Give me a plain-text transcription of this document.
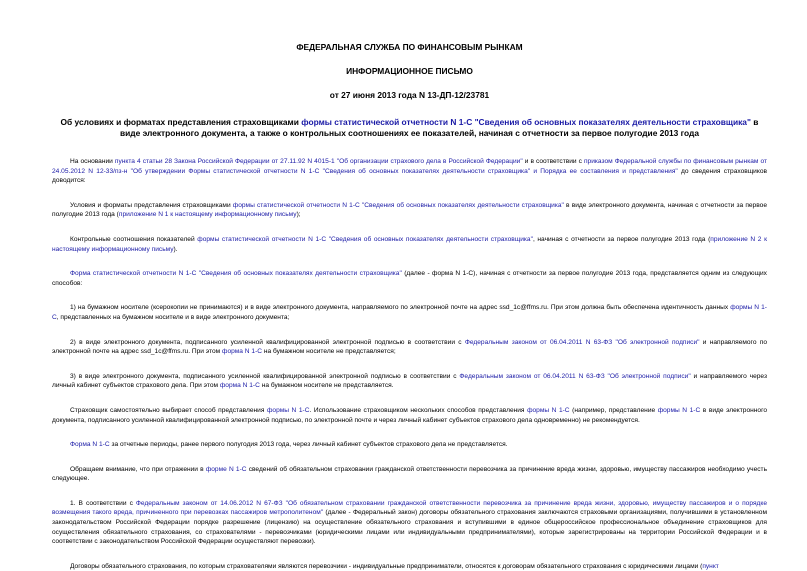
ФЕДЕРАЛЬНАЯ СЛУЖБА ПО ФИНАНСОВЫМ РЫНКАМ
ИНФОРМАЦИОННОЕ ПИСЬМО
от 27 июня 2013 года N 13-ДП-12/23781
Об условиях и форматах представления страховщиками формы статистической отчетности N 1-С "Сведения об основных показателях деятельности страховщика" в виде электронного документа, а также о контрольных соотношениях ее показателей, начиная с отчетности за первое полугодие 2013 года

На основании пункта 4 статьи 28 Закона Российской Федерации от 27.11.92 N 4015-1 "Об организации страхового дела в Российской Федерации" и в соответствии с приказом Федеральной службы по финансовым рынкам от 24.05.2012 N 12-33/пз-н "Об утверждении Формы статистической отчетности N 1-С "Сведения об основных показателях деятельности страховщика" и Порядка ее составления и представления" до сведения страховщиков доводится:

Условия и форматы представления страховщиками формы статистической отчетности N 1-С "Сведения об основных показателях деятельности страховщика" в виде электронного документа, начиная с отчетности за первое полугодие 2013 года (приложение N 1 к настоящему информационному письму);

Контрольные соотношения показателей формы статистической отчетности N 1-С "Сведения об основных показателях деятельности страховщика", начиная с отчетности за первое полугодие 2013 года (приложение N 2 к настоящему информационному письму).

Форма статистической отчетности N 1-С "Сведения об основных показателях деятельности страховщика" (далее - форма N 1-С), начиная с отчетности за первое полугодие 2013 года, представляется одним из следующих способов:

1) на бумажном носителе (ксерокопии не принимаются) и в виде электронного документа, направляемого по электронной почте на адрес ssd_1c@ffms.ru. При этом должна быть обеспечена идентичность данных формы N 1-С, представленных на бумажном носителе и в виде электронного документа;

2) в виде электронного документа, подписанного усиленной квалифицированной электронной подписью в соответствии с Федеральным законом от 06.04.2011 N 63-ФЗ "Об электронной подписи" и направляемого по электронной почте на адрес ssd_1c@ffms.ru. При этом форма N 1-С на бумажном носителе не представляется;

3) в виде электронного документа, подписанного усиленной квалифицированной электронной подписью в соответствии с Федеральным законом от 06.04.2011 N 63-ФЗ "Об электронной подписи" и направляемого через личный кабинет субъектов страхового дела. При этом форма N 1-С на бумажном носителе не представляется.

Страховщик самостоятельно выбирает способ представления формы N 1-С. Использование страховщиком нескольких способов представления формы N 1-С (например, представление формы N 1-С в виде электронного документа, подписанного усиленной квалифицированной электронной подписью, по электронной почте и через личный кабинет субъектов страхового дела одновременно) не рекомендуется.

Форма N 1-С за отчетные периоды, ранее первого полугодия 2013 года, через личный кабинет субъектов страхового дела не представляется.

Обращаем внимание, что при отражении в форме N 1-С сведений об обязательном страховании гражданской ответственности перевозчика за причинение вреда жизни, здоровью, имуществу пассажиров необходимо учесть следующее.

1. В соответствии с Федеральным законом от 14.06.2012 N 67-ФЗ "Об обязательном страховании гражданской ответственности перевозчика за причинение вреда жизни, здоровью, имуществу пассажиров и о порядке возмещения такого вреда, причиненного при перевозках пассажиров метрополитеном" (далее - Федеральный закон) договоры обязательного страхования заключаются страховыми организациями, получившими в установленном законодательством Российской Федерации порядке разрешение (лицензию) на осуществление обязательного страхования и вступившими в единое общероссийское профессиональное объединение страховщиков для осуществления обязательного страхования, со страхователями - перевозчиками (юридическими лицами или индивидуальными предпринимателями), которые зарегистрированы на территории Российской Федерации и в соответствии с законодательством Российской Федерации осуществляют перевозки).

Договоры обязательного страхования, по которым страхователями являются перевозчики - индивидуальные предприниматели, относятся к договорам обязательного страхования с юридическими лицами (пункт
